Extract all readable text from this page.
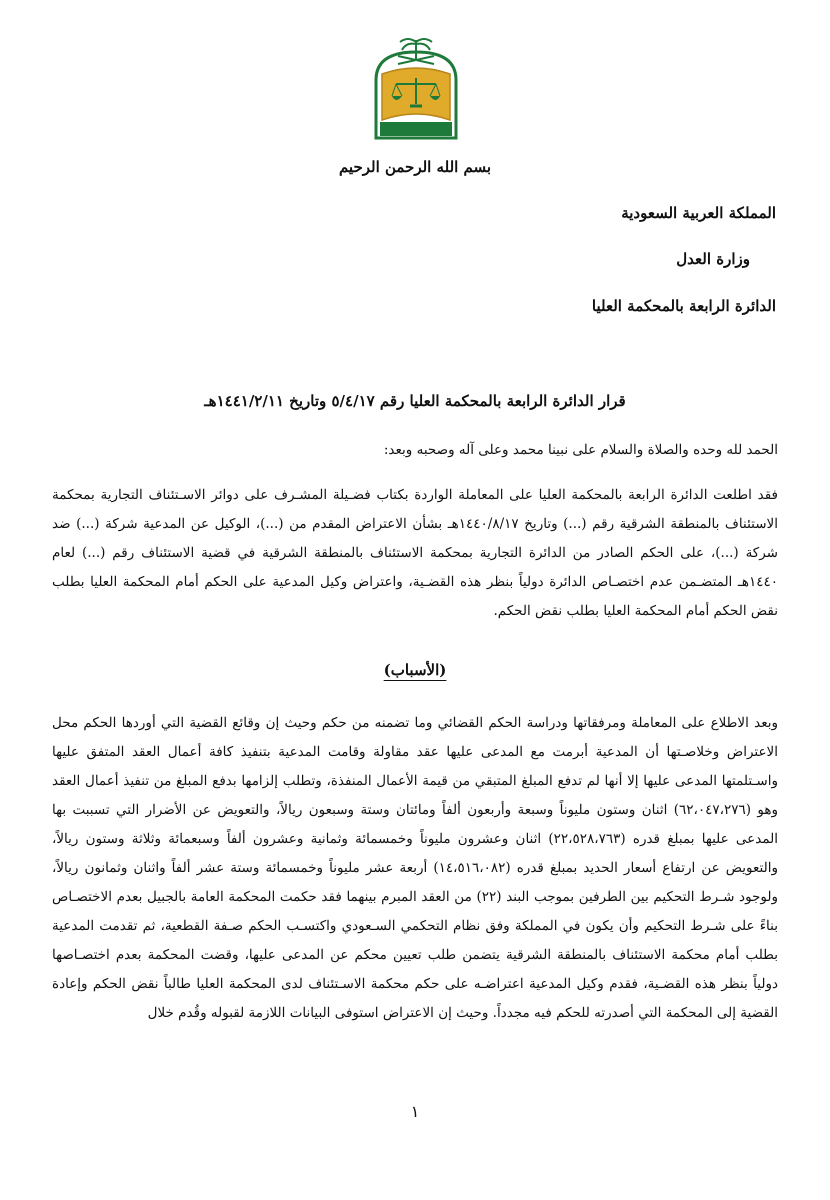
بسم الله الرحمن الرحيم
المملكة العربية السعودية
وزارة العدل
الدائرة الرابعة بالمحكمة العليا
قرار الدائرة الرابعة بالمحكمة العليا رقم ٥/٤/١٧ وتاريخ ١٤٤١/٢/١١هـ
الحمد لله وحده والصلاة والسلام على نبينا محمد وعلى آله وصحبه وبعد:
فقد اطلعت الدائرة الرابعة بالمحكمة العليا على المعاملة الواردة بكتاب فضـيلة المشـرف على دوائر الاسـتئناف التجارية بمحكمة الاستئناف بالمنطقة الشرقية رقم (...) وتاريخ ١٤٤٠/٨/١٧هـ بشأن الاعتراض المقدم من (...)، الوكيل عن المدعية شركة (...) ضد شركة (...)، على الحكم الصادر من الدائرة التجارية بمحكمة الاستئناف بالمنطقة الشرقية في قضية الاستئناف رقم (...) لعام ١٤٤٠هـ المتضـمن عدم اختصـاص الدائرة دولياً بنظر هذه القضـية، واعتراض وكيل المدعية على الحكم أمام المحكمة العليا بطلب نقض الحكم أمام المحكمة العليا بطلب نقض الحكم.
(الأسباب)
وبعد الاطلاع على المعاملة ومرفقاتها ودراسة الحكم القضائي وما تضمنه من حكم وحيث إن وقائع القضية التي أوردها الحكم محل الاعتراض وخلاصـتها أن المدعية أبرمت مع المدعى عليها عقد مقاولة وقامت المدعية بتنفيذ كافة أعمال العقد المتفق عليها واسـتلمتها المدعى عليها إلا أنها لم تدفع المبلغ المتبقي من قيمة الأعمال المنفذة، وتطلب إلزامها بدفع المبلغ من تنفيذ أعمال العقد وهو (٦٢،٠٤٧،٢٧٦) اثنان وستون مليوناً وسبعة وأربعون ألفاً ومائتان وستة وسبعون ريالاً، والتعويض عن الأضرار التي تسببت بها المدعى عليها بمبلغ قدره (٢٢،٥٢٨،٧٦٣) اثنان وعشرون مليوناً وخمسمائة وثمانية وعشرون ألفاً وسبعمائة وثلاثة وستون ريالاً، والتعويض عن ارتفاع أسعار الحديد بمبلغ قدره (١٤،٥١٦،٠٨٢) أربعة عشر مليوناً وخمسمائة وستة عشر ألفاً واثنان وثمانون ريالاً، ولوجود شـرط التحكيم بين الطرفين بموجب البند (٢٢) من العقد المبرم بينهما فقد حكمت المحكمة العامة بالجبيل بعدم الاختصـاص بناءً على شـرط التحكيم وأن يكون في المملكة وفق نظام التحكمي السـعودي واكتسـب الحكم صـفة القطعية، ثم تقدمت المدعية بطلب أمام محكمة الاستئناف بالمنطقة الشرقية يتضمن طلب تعيين محكم عن المدعى عليها، وقضت المحكمة بعدم اختصـاصها دولياً بنظر هذه القضـية، فقدم وكيل المدعية اعتراضـه على حكم محكمة الاسـتئناف لدى المحكمة العليا طالباً نقض الحكم وإعادة القضية إلى المحكمة التي أصدرته للحكم فيه مجدداً. وحيث إن الاعتراض استوفى البيانات اللازمة لقبوله وقُدم خلال
١
